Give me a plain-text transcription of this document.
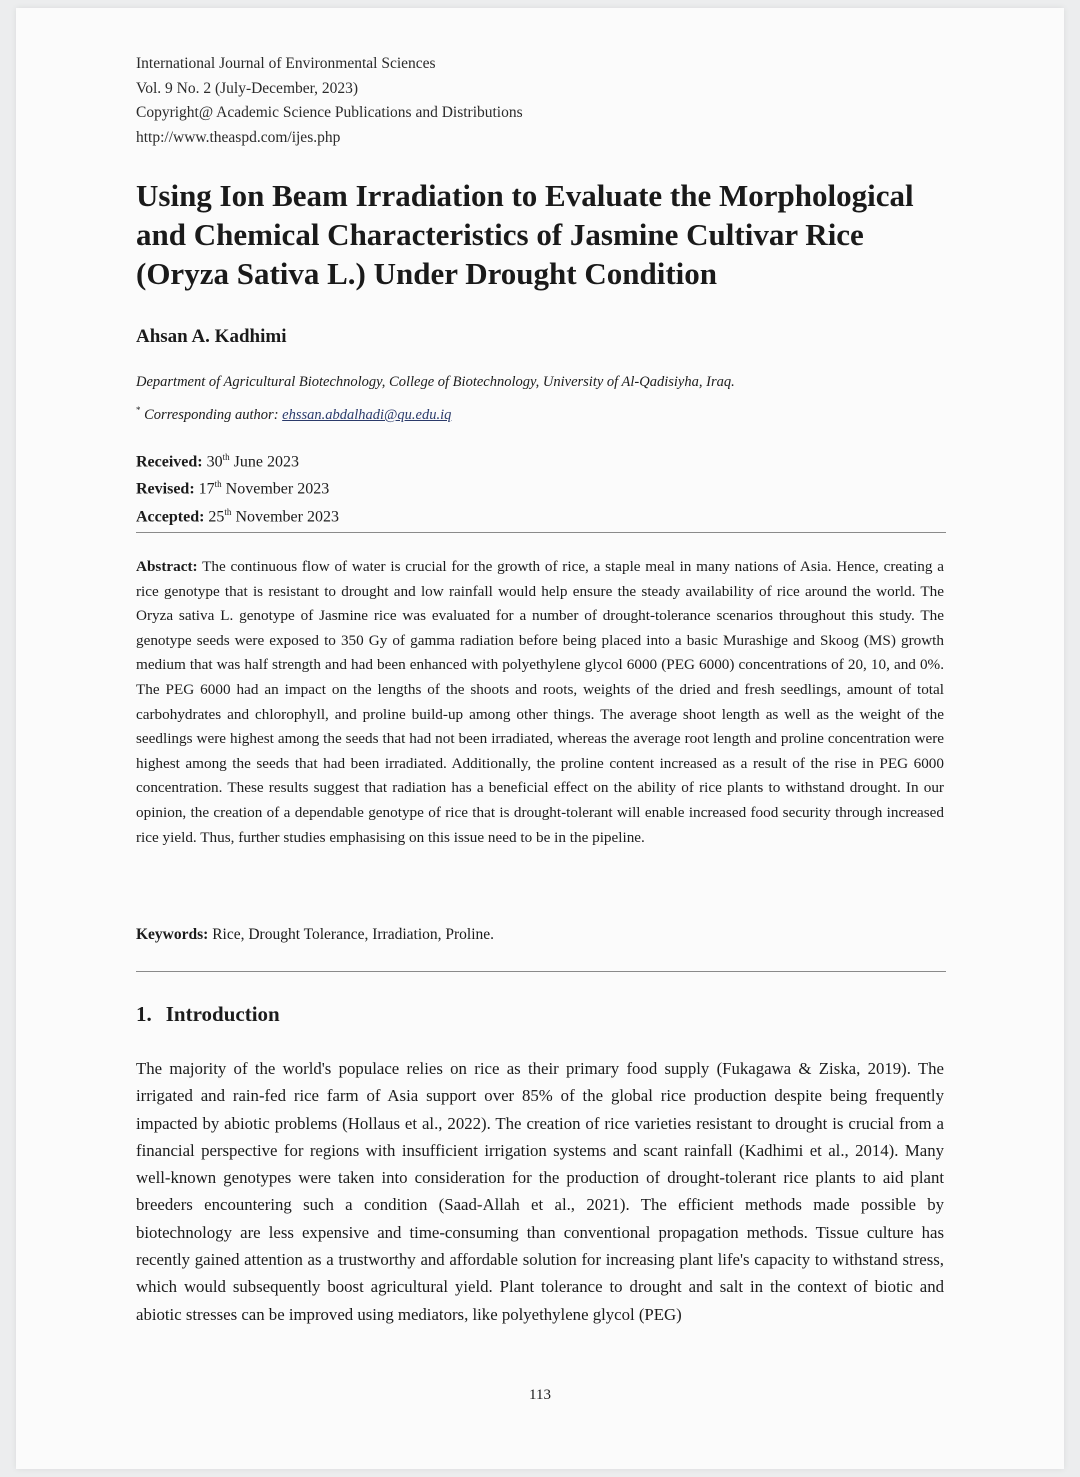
International Journal of Environmental Sciences
Vol. 9 No. 2 (July-December, 2023)
Copyright@ Academic Science Publications and Distributions
http://www.theaspd.com/ijes.php
Using Ion Beam Irradiation to Evaluate the Morphological and Chemical Characteristics of Jasmine Cultivar Rice (Oryza Sativa L.) Under Drought Condition
Ahsan A. Kadhimi
Department of Agricultural Biotechnology, College of Biotechnology, University of Al-Qadisiyha, Iraq.
* Corresponding author: ehssan.abdalhadi@qu.edu.iq
Received: 30th June 2023
Revised: 17th November 2023
Accepted: 25th November 2023

Abstract: The continuous flow of water is crucial for the growth of rice, a staple meal in many nations of Asia. Hence, creating a rice genotype that is resistant to drought and low rainfall would help ensure the steady availability of rice around the world. The Oryza sativa L. genotype of Jasmine rice was evaluated for a number of drought-tolerance scenarios throughout this study. The genotype seeds were exposed to 350 Gy of gamma radiation before being placed into a basic Murashige and Skoog (MS) growth medium that was half strength and had been enhanced with polyethylene glycol 6000 (PEG 6000) concentrations of 20, 10, and 0%. The PEG 6000 had an impact on the lengths of the shoots and roots, weights of the dried and fresh seedlings, amount of total carbohydrates and chlorophyll, and proline build-up among other things. The average shoot length as well as the weight of the seedlings were highest among the seeds that had not been irradiated, whereas the average root length and proline concentration were highest among the seeds that had been irradiated. Additionally, the proline content increased as a result of the rise in PEG 6000 concentration. These results suggest that radiation has a beneficial effect on the ability of rice plants to withstand drought. In our opinion, the creation of a dependable genotype of rice that is drought-tolerant will enable increased food security through increased rice yield. Thus, further studies emphasising on this issue need to be in the pipeline.

Keywords: Rice, Drought Tolerance, Irradiation, Proline.
1. Introduction

The majority of the world's populace relies on rice as their primary food supply (Fukagawa & Ziska, 2019). The irrigated and rain-fed rice farm of Asia support over 85% of the global rice production despite being frequently impacted by abiotic problems (Hollaus et al., 2022). The creation of rice varieties resistant to drought is crucial from a financial perspective for regions with insufficient irrigation systems and scant rainfall (Kadhimi et al., 2014). Many well-known genotypes were taken into consideration for the production of drought-tolerant rice plants to aid plant breeders encountering such a condition (Saad-Allah et al., 2021). The efficient methods made possible by biotechnology are less expensive and time-consuming than conventional propagation methods. Tissue culture has recently gained attention as a trustworthy and affordable solution for increasing plant life's capacity to withstand stress, which would subsequently boost agricultural yield. Plant tolerance to drought and salt in the context of biotic and abiotic stresses can be improved using mediators, like polyethylene glycol (PEG)

113
